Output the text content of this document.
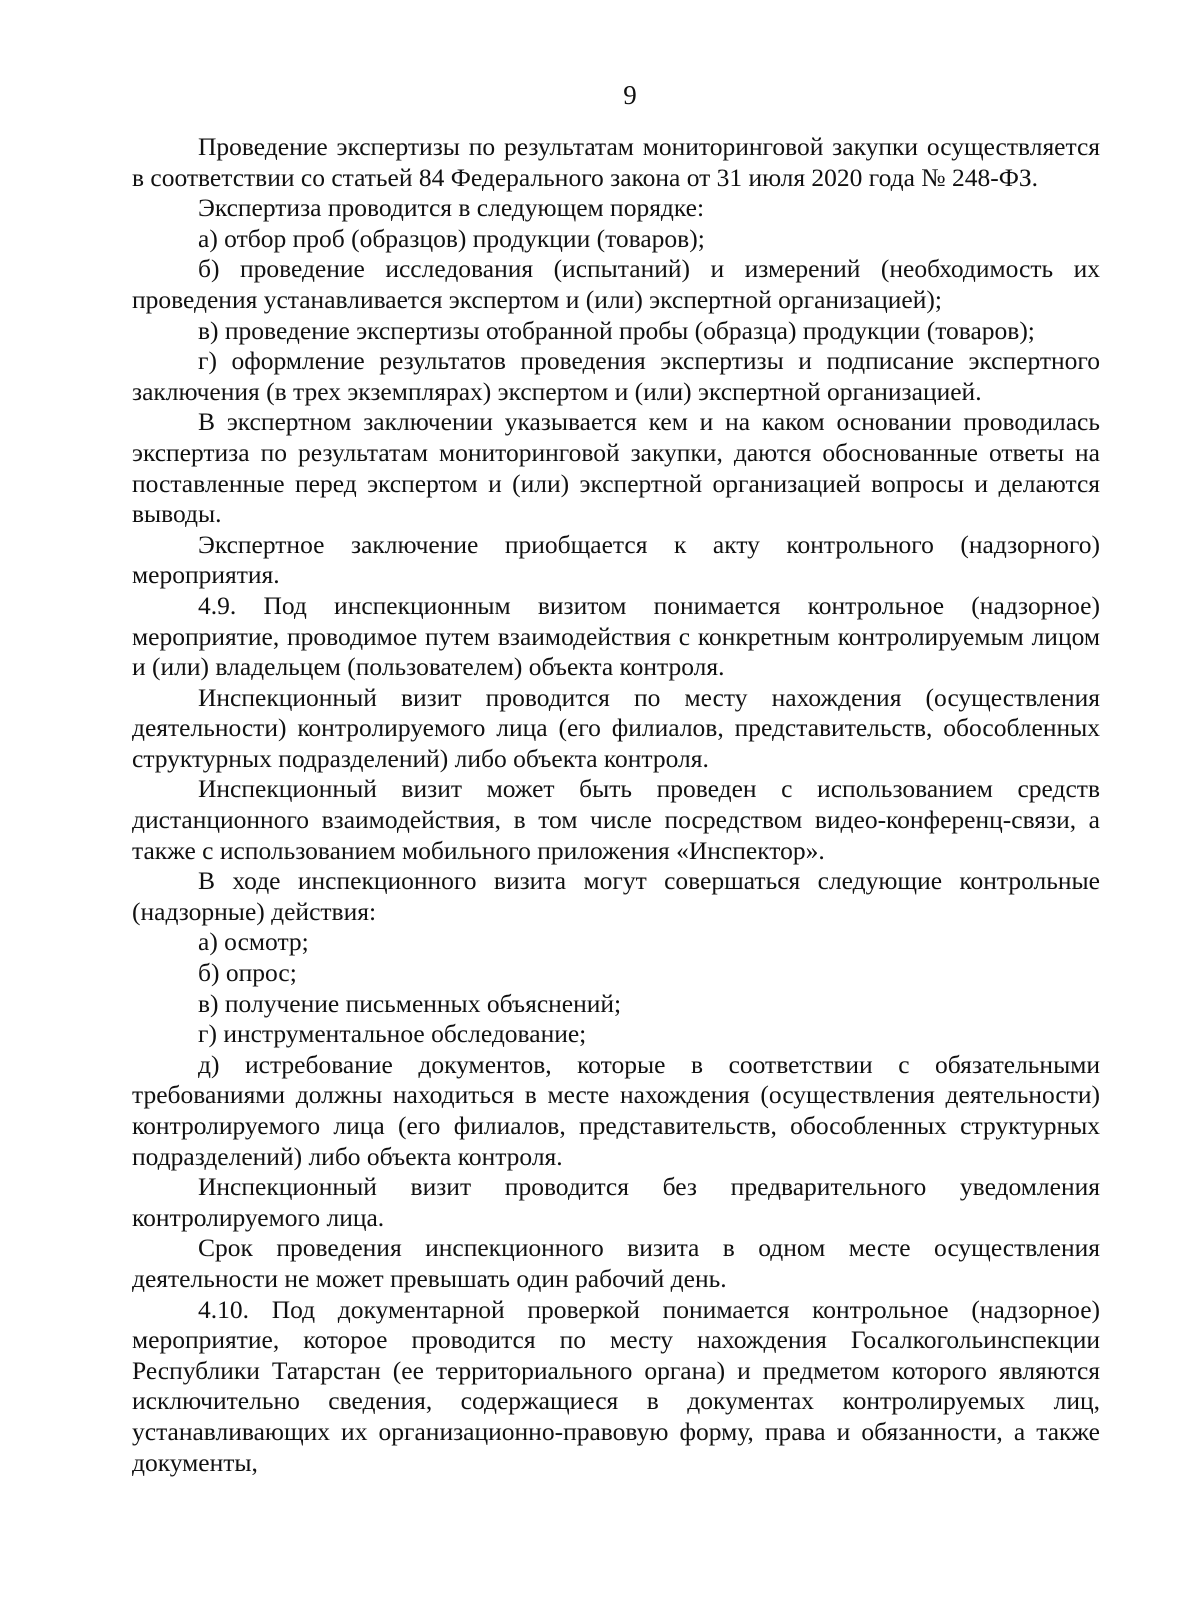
9

Проведение экспертизы по результатам мониторинговой закупки осуществляется в соответствии со статьей 84 Федерального закона от 31 июля 2020 года № 248-ФЗ.

Экспертиза проводится в следующем порядке:

а) отбор проб (образцов) продукции (товаров);

б) проведение исследования (испытаний) и измерений (необходимость их проведения устанавливается экспертом и (или) экспертной организацией);

в) проведение экспертизы отобранной пробы (образца) продукции (товаров);

г) оформление результатов проведения экспертизы и подписание экспертного заключения (в трех экземплярах) экспертом и (или) экспертной организацией.

В экспертном заключении указывается кем и на каком основании проводилась экспертиза по результатам мониторинговой закупки, даются обоснованные ответы на поставленные перед экспертом и (или) экспертной организацией вопросы и делаются выводы.

Экспертное заключение приобщается к акту контрольного (надзорного) мероприятия.

4.9. Под инспекционным визитом понимается контрольное (надзорное) мероприятие, проводимое путем взаимодействия с конкретным контролируемым лицом и (или) владельцем (пользователем) объекта контроля.

Инспекционный визит проводится по месту нахождения (осуществления деятельности) контролируемого лица (его филиалов, представительств, обособленных структурных подразделений) либо объекта контроля.

Инспекционный визит может быть проведен с использованием средств дистанционного взаимодействия, в том числе посредством видео-конференц-связи, а также с использованием мобильного приложения «Инспектор».

В ходе инспекционного визита могут совершаться следующие контрольные (надзорные) действия:

а) осмотр;

б) опрос;

в) получение письменных объяснений;

г) инструментальное обследование;

д) истребование документов, которые в соответствии с обязательными требованиями должны находиться в месте нахождения (осуществления деятельности) контролируемого лица (его филиалов, представительств, обособленных структурных подразделений) либо объекта контроля.

Инспекционный визит проводится без предварительного уведомления контролируемого лица.

Срок проведения инспекционного визита в одном месте осуществления деятельности не может превышать один рабочий день.

4.10. Под документарной проверкой понимается контрольное (надзорное) мероприятие, которое проводится по месту нахождения Госалкогольинспекции Республики Татарстан (ее территориального органа) и предметом которого являются исключительно сведения, содержащиеся в документах контролируемых лиц, устанавливающих их организационно-правовую форму, права и обязанности, а также документы,
